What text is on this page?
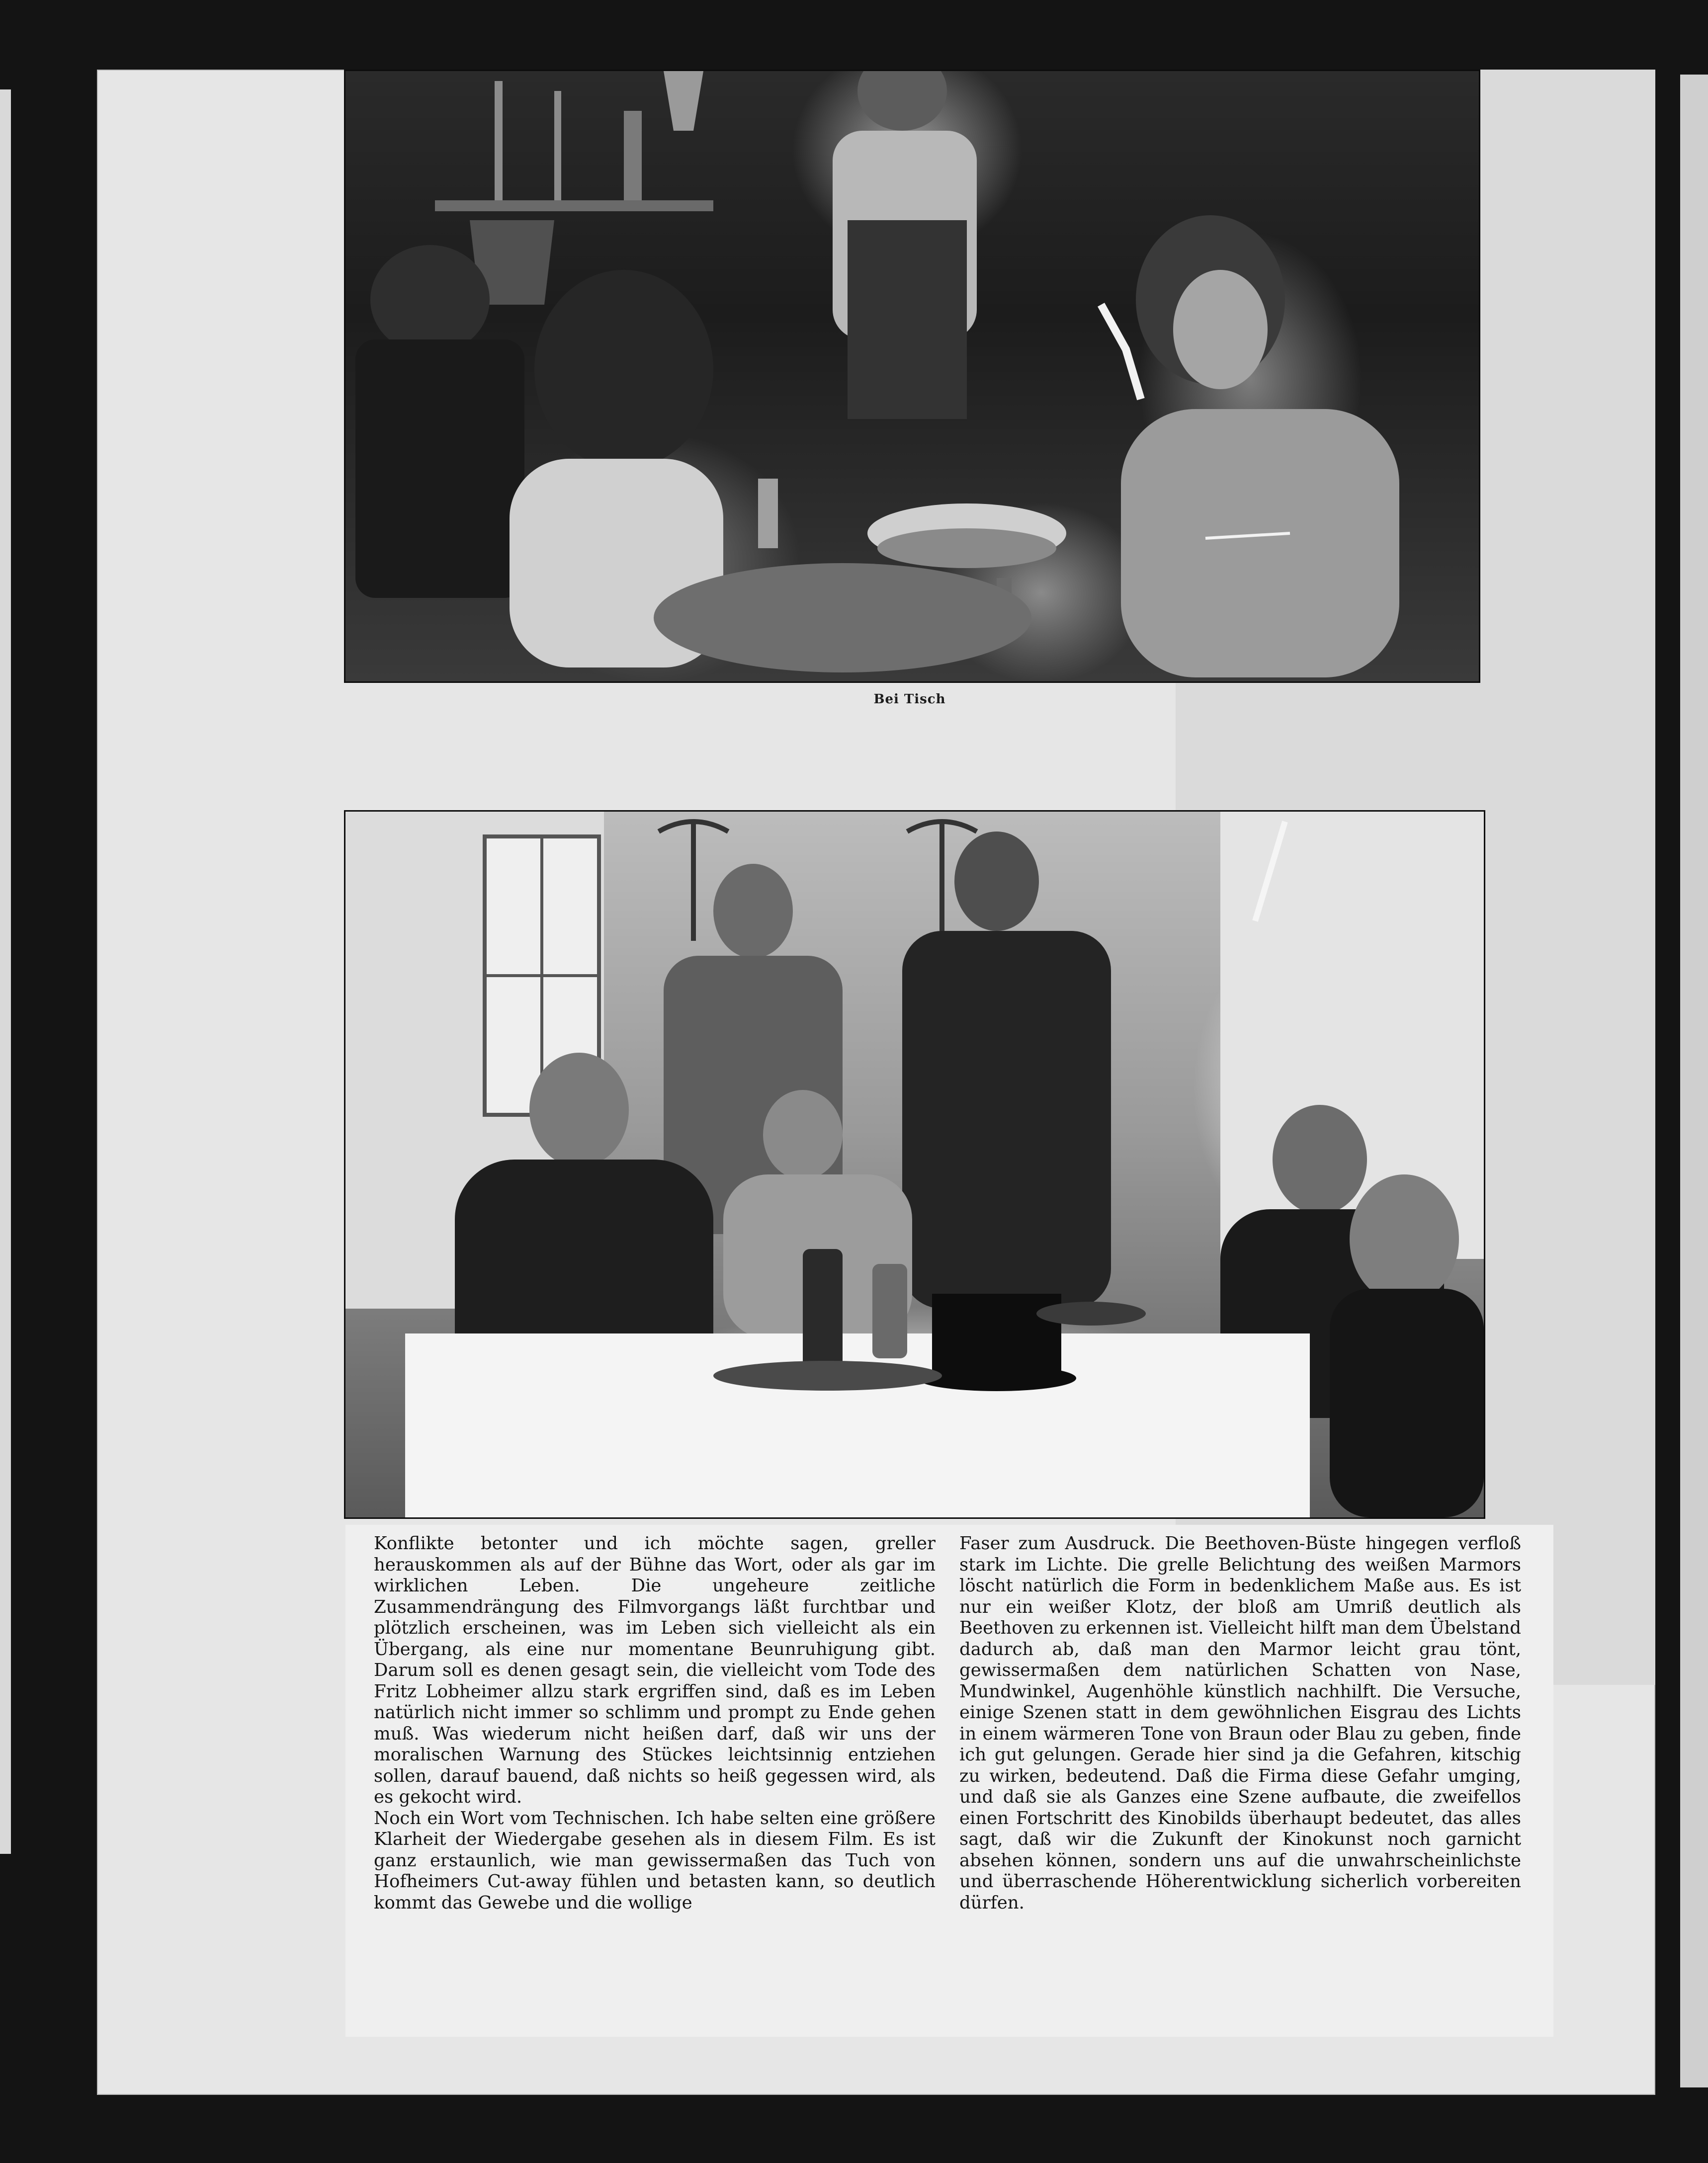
Bei Tisch

Konflikte betonter und ich möchte sagen, greller herauskommen als auf der Bühne das Wort, oder als gar im wirklichen Leben. Die ungeheure zeitliche Zusammendrängung des Filmvorgangs läßt furchtbar und plötzlich erscheinen, was im Leben sich vielleicht als ein Übergang, als eine nur momentane Beunruhigung gibt. Darum soll es denen gesagt sein, die vielleicht vom Tode des Fritz Lobheimer allzu stark ergriffen sind, daß es im Leben natürlich nicht immer so schlimm und prompt zu Ende gehen muß. Was wiederum nicht heißen darf, daß wir uns der moralischen Warnung des Stückes leichtsinnig entziehen sollen, darauf bauend, daß nichts so heiß gegessen wird, als es gekocht wird.

Noch ein Wort vom Technischen. Ich habe selten eine größere Klarheit der Wiedergabe gesehen als in diesem Film. Es ist ganz erstaunlich, wie man gewissermaßen das Tuch von Hofheimers Cut-away fühlen und betasten kann, so deutlich kommt das Gewebe und die wollige

Faser zum Ausdruck. Die Beethoven-Büste hingegen verfloß stark im Lichte. Die grelle Belichtung des weißen Marmors löscht natürlich die Form in bedenklichem Maße aus. Es ist nur ein weißer Klotz, der bloß am Umriß deutlich als Beethoven zu erkennen ist. Vielleicht hilft man dem Übelstand dadurch ab, daß man den Marmor leicht grau tönt, gewissermaßen dem natürlichen Schatten von Nase, Mundwinkel, Augenhöhle künstlich nachhilft. Die Versuche, einige Szenen statt in dem gewöhnlichen Eisgrau des Lichts in einem wärmeren Tone von Braun oder Blau zu geben, finde ich gut gelungen. Gerade hier sind ja die Gefahren, kitschig zu wirken, bedeutend. Daß die Firma diese Gefahr umging, und daß sie als Ganzes eine Szene aufbaute, die zweifellos einen Fortschritt des Kinobilds überhaupt bedeutet, das alles sagt, daß wir die Zukunft der Kinokunst noch garnicht absehen können, sondern uns auf die unwahrscheinlichste und überraschende Höherentwicklung sicherlich vorbereiten dürfen.
